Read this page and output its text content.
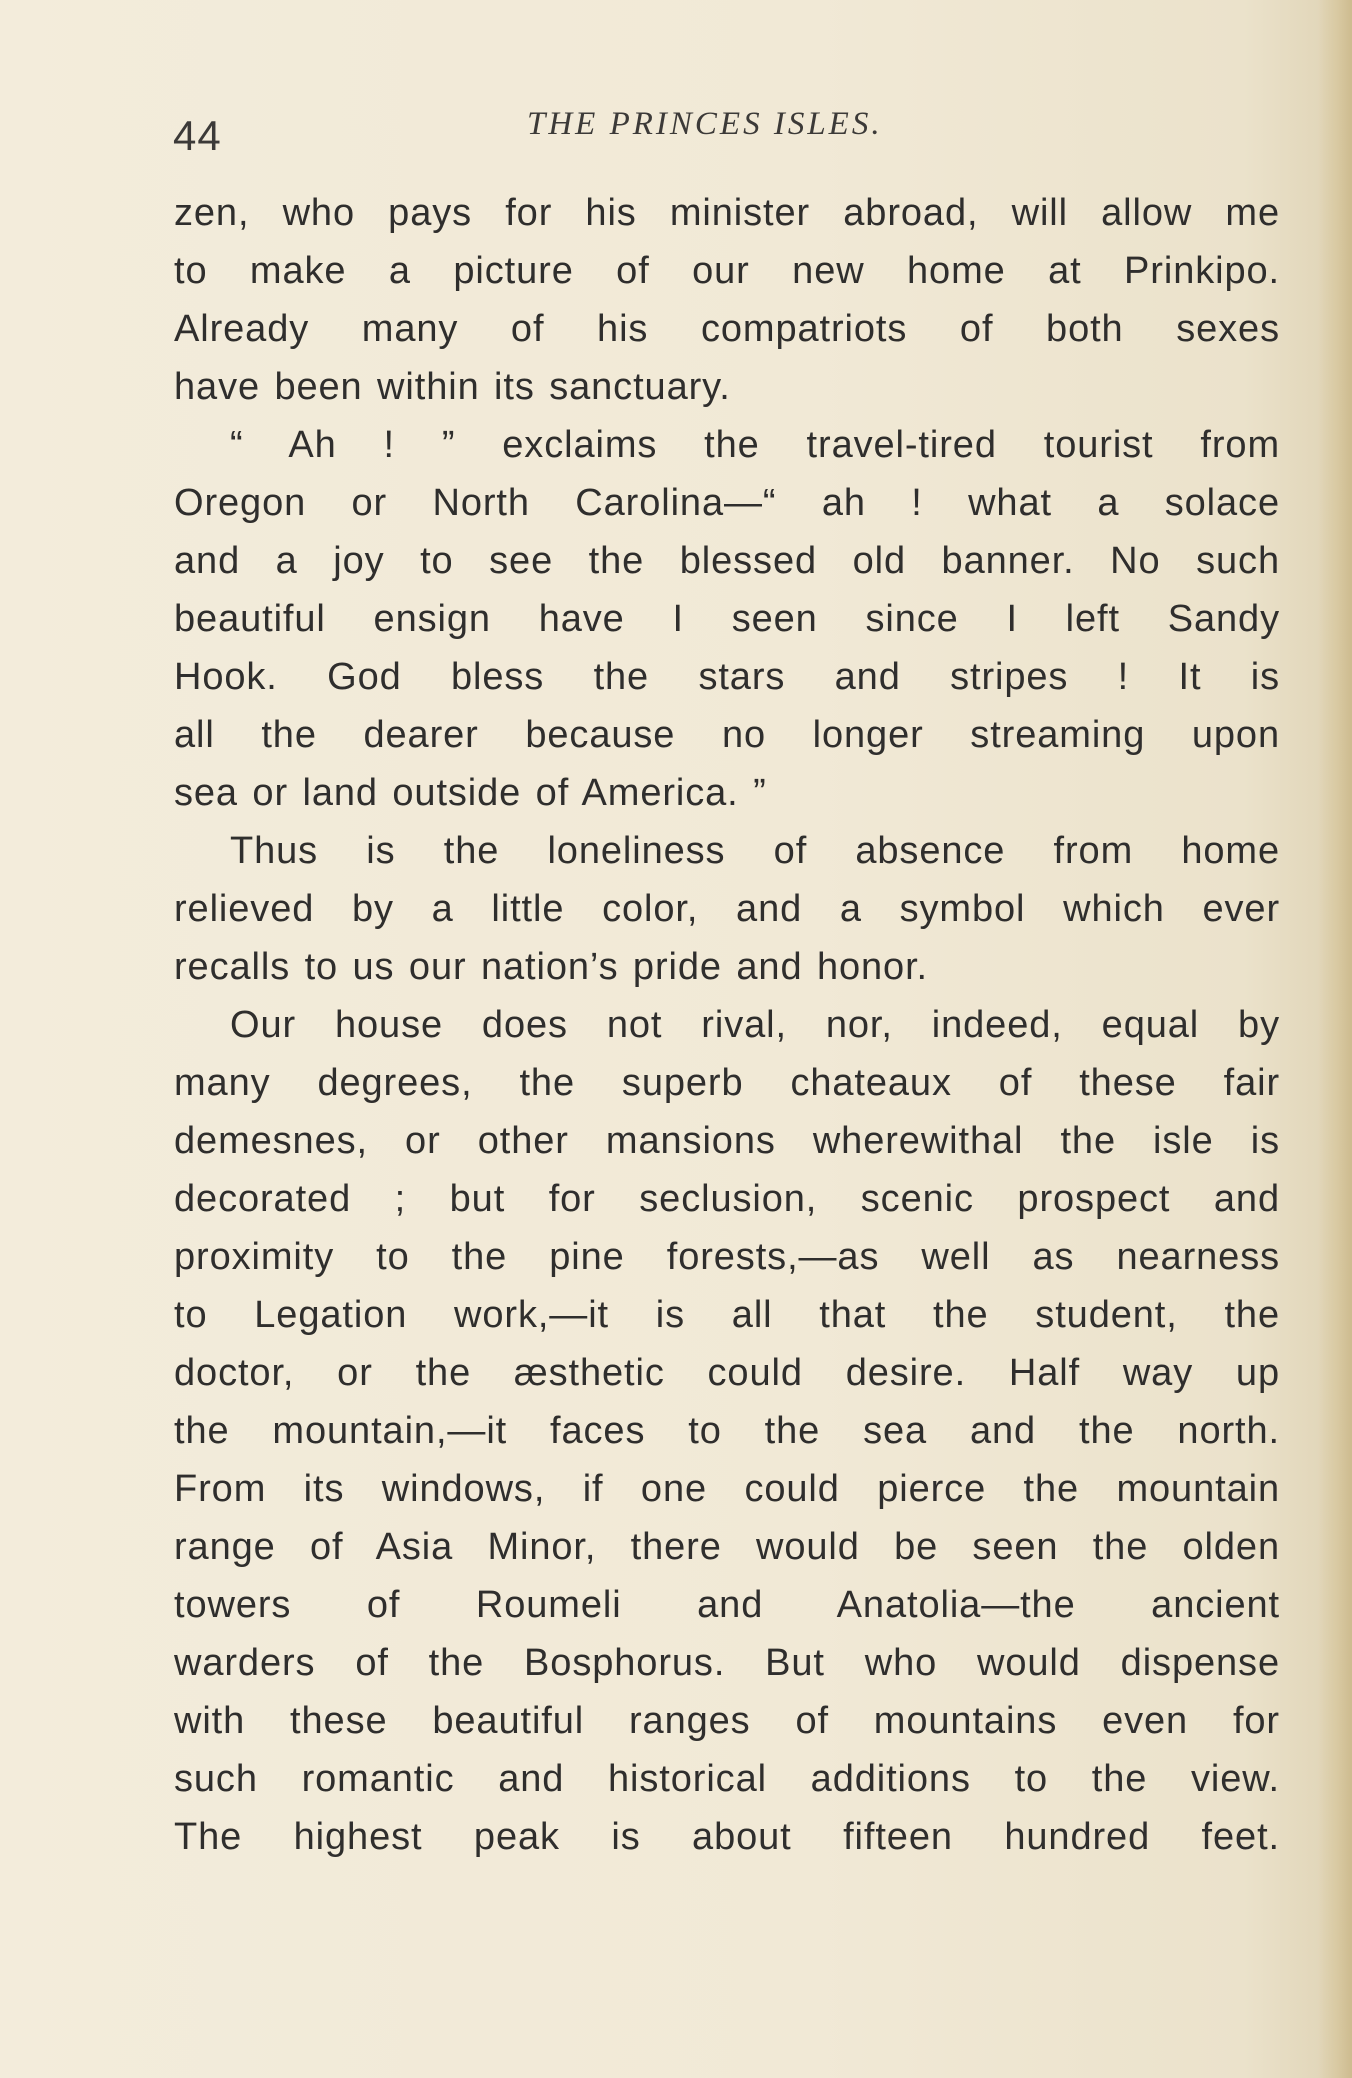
44	THE PRINCES ISLES.
zen, who pays for his minister abroad, will allow me
to make a picture of our new home at Prinkipo.
Already many of his compatriots of both sexes
have been within its sanctuary.
“ Ah ! ” exclaims the travel-tired tourist from
Oregon or North Carolina—“ ah ! what a solace
and a joy to see the blessed old banner. No such
beautiful ensign have I seen since I left Sandy
Hook. God bless the stars and stripes ! It is
all the dearer because no longer streaming upon
sea or land outside of America. ”
Thus is the loneliness of absence from home
relieved by a little color, and a symbol which ever
recalls to us our nation’s pride and honor.
Our house does not rival, nor, indeed, equal by
many degrees, the superb chateaux of these fair
demesnes, or other mansions wherewithal the isle is
decorated ; but for seclusion, scenic prospect and
proximity to the pine forests,—as well as nearness
to Legation work,—it is all that the student, the
doctor, or the æsthetic could desire. Half way up
the mountain,—it faces to the sea and the north.
From its windows, if one could pierce the mountain
range of Asia Minor, there would be seen the olden
towers of Roumeli and Anatolia—the ancient
warders of the Bosphorus. But who would dispense
with these beautiful ranges of mountains even for
such romantic and historical additions to the view.
The highest peak is about fifteen hundred feet.
